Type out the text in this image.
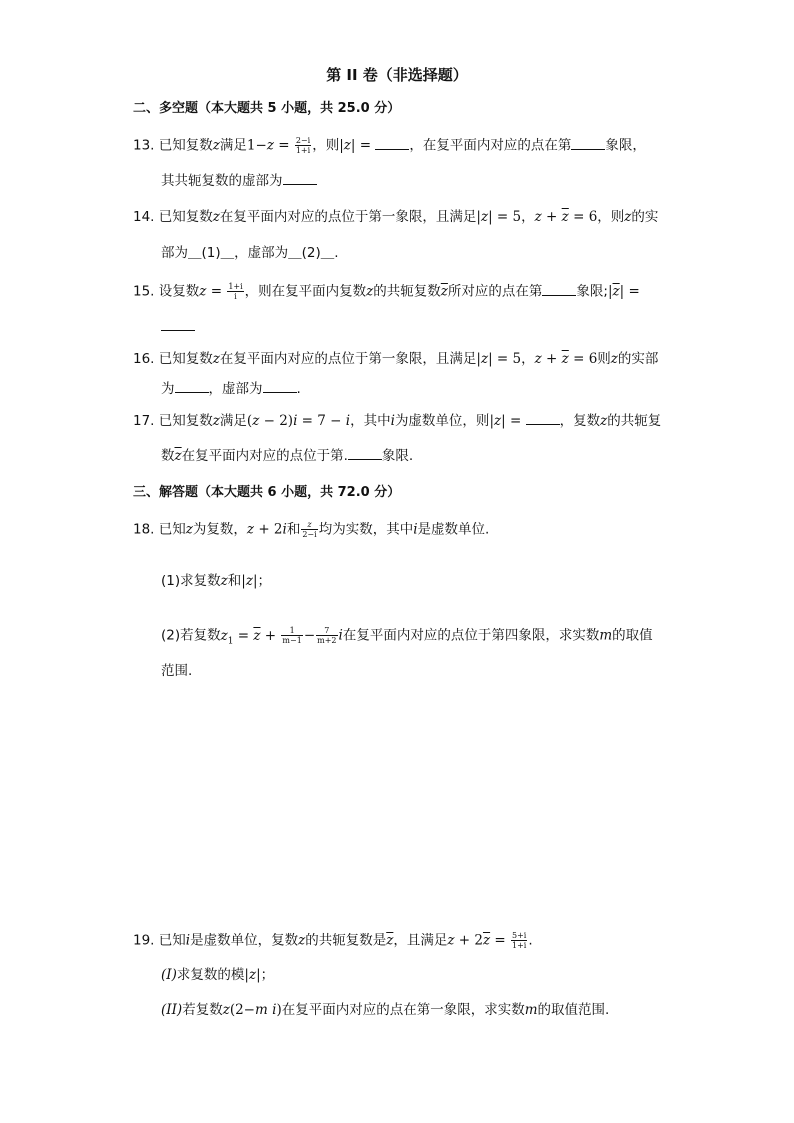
第 II 卷（非选择题）
二、多空题（本大题共 5 小题，共 25.0 分）
13. 已知复数z满足$1-z = \frac{2-i}{1+i}$ ，则|z| =	，在复平面内对应的点在第	象限，
其共轭复数的虚部为
14. 已知复数z在复平面内对应的点位于第一象限，且满足|z| = 5，$z + \overline{z} = 6$，则z的实
部为＿(1)＿，虚部为＿(2)＿.
15. 设复数$z = \frac{1+i}{i}$ ，则在复平面内复数z的共轭复数$\overline{z}$所对应的点在第	象限$;|\overline{z}|$ =
16. 已知复数z在复平面内对应的点位于第一象限，且满足|z| = 5，$z + \overline{z} = 6$则z的实部
为	，虚部为	.
17. 已知复数z满足(z − 2)i = 7 − i，其中i为虚数单位，则|z| =	，复数z的共轭复
数$\overline{z}$在复平面内对应的点位于第.	象限.
三、解答题（本大题共 6 小题，共 72.0 分）
18. 已知z为复数，z + 2i和 $\frac{z}{2-i}$ 均为实数，其中i是虚数单位.
(1)求复数z和|z|；
(2)若复数$z_1 = \overline{z} + \frac{1}{m-1} - \frac{7}{m+2}$ i在复平面内对应的点位于第四象限，求实数m的取值
范围.
19. 已知i是虚数单位，复数z的共轭复数是$\overline{z}$，且满足$z + 2\overline{z} = \frac{5+i}{1+i}$ .
(I)求复数的模|z|；
(II)若复数z(2−m i)在复平面内对应的点在第一象限，求实数m的取值范围.
